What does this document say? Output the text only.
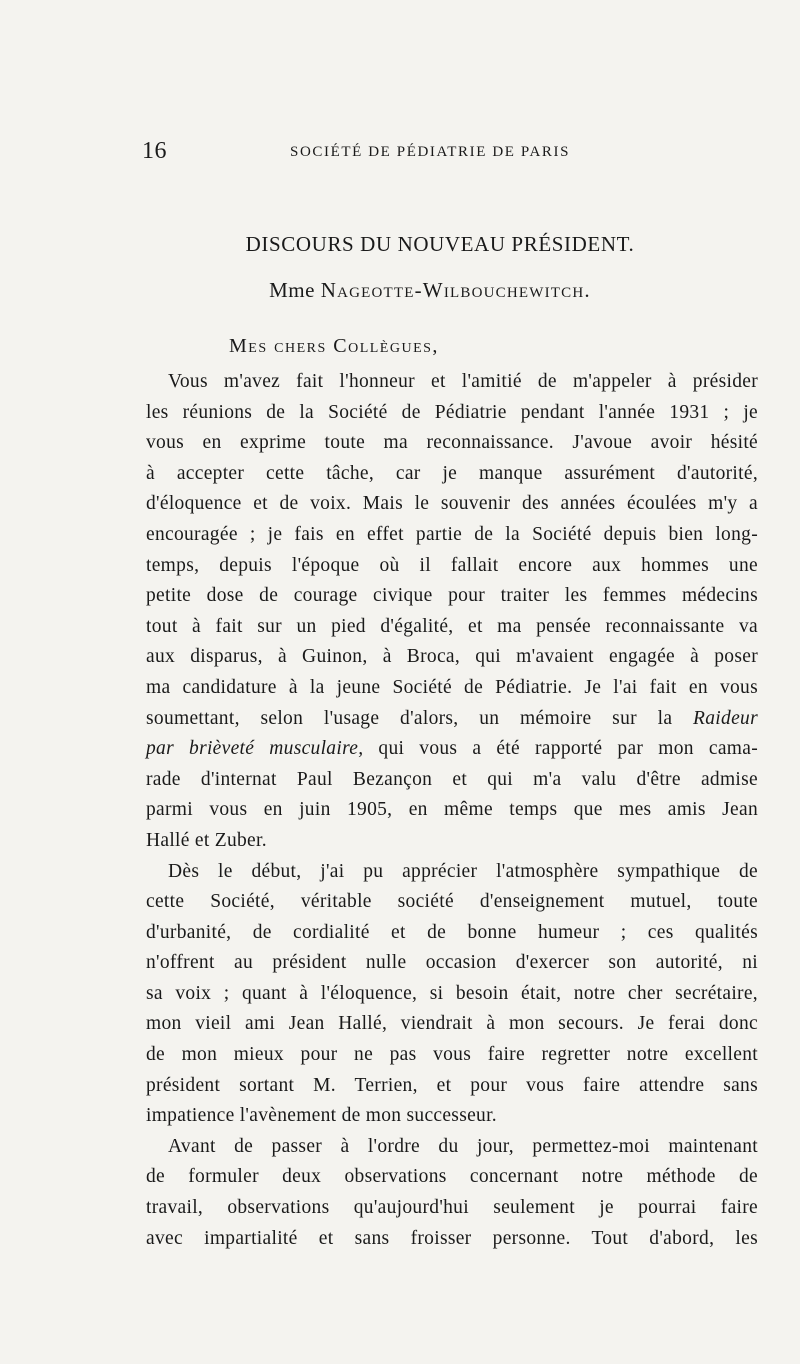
16	SOCIÉTÉ DE PÉDIATRIE DE PARIS
DISCOURS DU NOUVEAU PRÉSIDENT.
Mme Nageotte-Wilbouchewitch.
Mes chers Collègues,
Vous m'avez fait l'honneur et l'amitié de m'appeler à présider
les réunions de la Société de Pédiatrie pendant l'année 1931 ; je
vous en exprime toute ma reconnaissance. J'avoue avoir hésité
à accepter cette tâche, car je manque assurément d'autorité,
d'éloquence et de voix. Mais le souvenir des années écoulées m'y a
encouragée ; je fais en effet partie de la Société depuis bien long-
temps, depuis l'époque où il fallait encore aux hommes une
petite dose de courage civique pour traiter les femmes médecins
tout à fait sur un pied d'égalité, et ma pensée reconnaissante va
aux disparus, à Guinon, à Broca, qui m'avaient engagée à poser
ma candidature à la jeune Société de Pédiatrie. Je l'ai fait en vous
soumettant, selon l'usage d'alors, un mémoire sur la Raideur
par brièveté musculaire, qui vous a été rapporté par mon cama-
rade d'internat Paul Bezançon et qui m'a valu d'être admise
parmi vous en juin 1905, en même temps que mes amis Jean
Hallé et Zuber.
Dès le début, j'ai pu apprécier l'atmosphère sympathique de
cette Société, véritable société d'enseignement mutuel, toute
d'urbanité, de cordialité et de bonne humeur ; ces qualités
n'offrent au président nulle occasion d'exercer son autorité, ni
sa voix ; quant à l'éloquence, si besoin était, notre cher secrétaire,
mon vieil ami Jean Hallé, viendrait à mon secours. Je ferai donc
de mon mieux pour ne pas vous faire regretter notre excellent
président sortant M. Terrien, et pour vous faire attendre sans
impatience l'avènement de mon successeur.
Avant de passer à l'ordre du jour, permettez-moi maintenant
de formuler deux observations concernant notre méthode de
travail, observations qu'aujourd'hui seulement je pourrai faire
avec impartialité et sans froisser personne. Tout d'abord, les
